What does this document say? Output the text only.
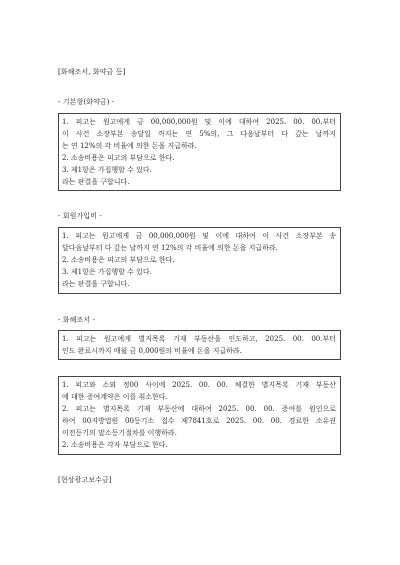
[화해조서, 화약금 등]
- 기본형(화약금) -
1. 피고는 원고에게 금 00,000,000원 및 이에 대하여 2025. 00. 00.부터
이 사건 소장부본 송달일 까지는 연 5%의, 그 다음날부터 다 갚는 날까지
는 연 12%의 각 비율에 의한 돈을 지급하라.
2. 소송비용은 피고의 부담으로 한다.
3. 제1항은 가집행할 수 있다.
라는 판결을 구합니다.
- 회원가입비 -
1. 피고는 원고에게 금 00,000,000원 및 이에 대하여 이 사건 소장부본 송
달다음날부터 다 갚는 날까지 연 12%의 각 비율에 의한 돈을 지급하라.
2. 소송비용은 피고의 부담으로 한다.
3. 제1항은 가집행할 수 있다.
라는 판결을 구합니다.
- 화해조서 -
1. 피고는 원고에게 별지목록 기재 부동산을 인도하고, 2025. 00. 00.부터
인도 완료시까지 매월 금 0,000원의 비율에 돈을 지급하라.
1. 피고와 소외 정00 사이에 2025. 00. 00. 체결한 별지목록 기재 부동산
에 대한 증여계약은 이를 취소한다.
2. 피고는 별지목록 기재 부동산에 대하여 2025. 00. 00. 증여를 원인으로
하여 00지방법원 00등기소 접수 제7841호로 2025. 00. 00. 경료한 소유권
이전등기의 말소등기절차를 이행하라.
2. 소송비용은 각자 부담으로 한다.
[현상광고보수금]
